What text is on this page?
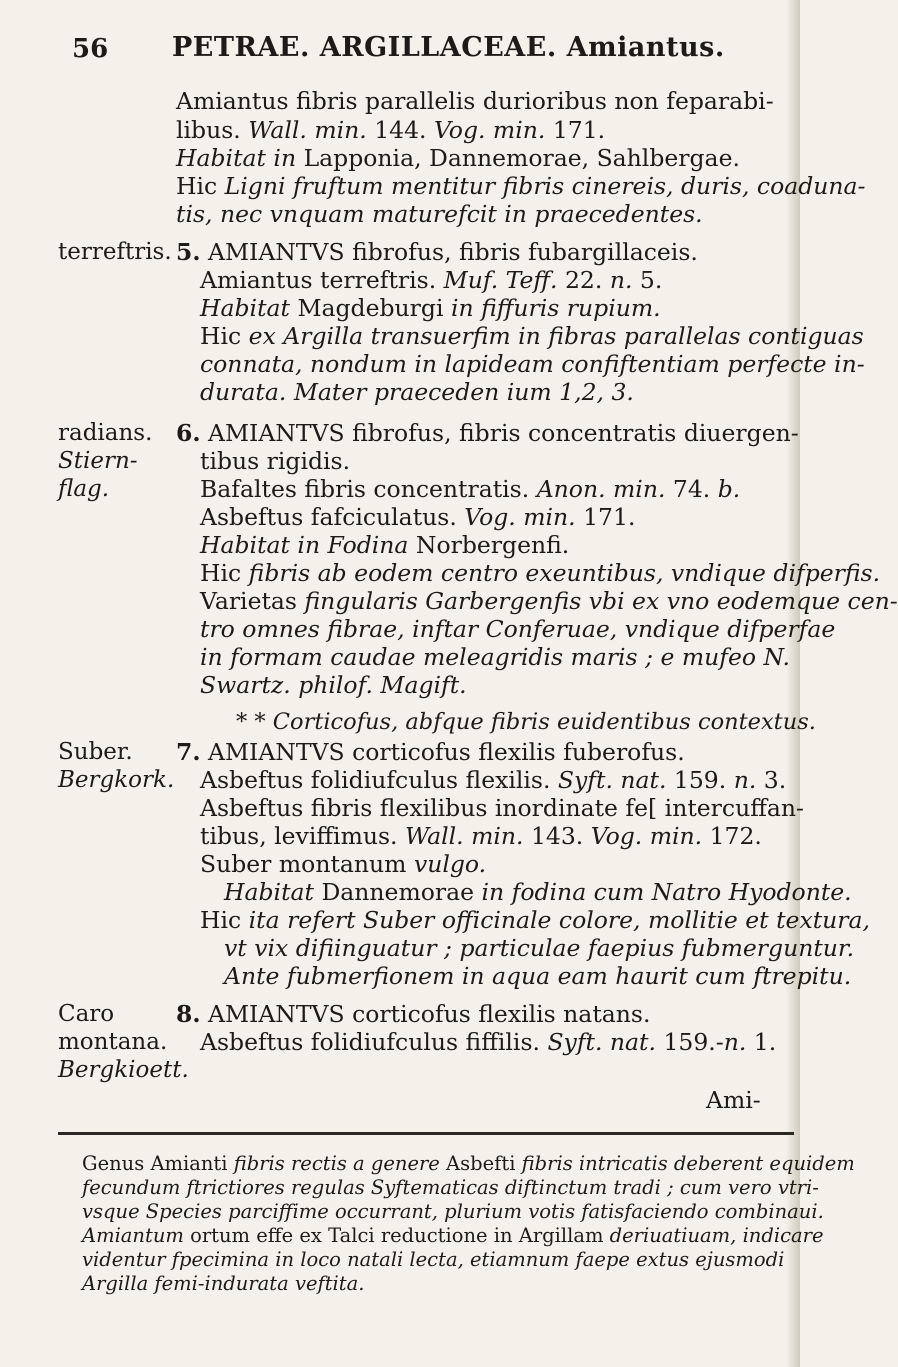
56 PETRAE. ARGILLACEAE. Amiantus.
Amiantus fibris parallelis durioribus non feparabi-
libus. Wall. min. 144. Vog. min. 171.
Habitat in Lapponia, Dannemorae, Sahlbergae.
Hic Ligni fruftum mentitur fibris cinereis, duris, coaduna-
tis, nec vnquam maturefcit in praecedentes.
terreftris. 5. AMIANTVS fibrofus, fibris fubargillaceis.
Amiantus terreftris. Muf. Teff. 22. n. 5.
Habitat Magdeburgi in fiffuris rupium.
Hic ex Argilla transuerfim in fibras parallelas contiguas
connata, nondum in lapideam confiftentiam perfecte in-
durata. Mater praeceden ium 1,2, 3.
radians.
Stiern-
flag.
6. AMIANTVS fibrofus, fibris concentratis diuergen-
tibus rigidis.
Bafaltes fibris concentratis. Anon. min. 74. b.
Asbeftus fafciculatus. Vog. min. 171.
Habitat in Fodina Norbergenfi.
Hic fibris ab eodem centro exeuntibus, vndique difperfis.
Varietas fingularis Garbergenfis vbi ex vno eodemque cen-
tro omnes fibrae, inftar Conferuae, vndique difperfae
in formam caudae meleagridis maris ; e mufeo N.
Swartz. philof. Magift.
* * Corticofus, abfque fibris euidentibus contextus.
Suber.
Bergkork.
7. AMIANTVS corticofus flexilis fuberofus.
Asbeftus folidiufculus flexilis. Syft. nat. 159. n. 3.
Asbeftus fibris flexilibus inordinate fe[ intercuffan-
tibus, leviffimus. Wall. min. 143. Vog. min. 172.
Suber montanum vulgo.
Habitat Dannemorae in fodina cum Natro Hyodonte.
Hic ita refert Suber officinale colore, mollitie et textura,
vt vix difiinguatur ; particulae faepius fubmerguntur.
Ante fubmerfionem in aqua eam haurit cum ftrepitu.
Caro
montana.
Bergkioett.
8. AMIANTVS corticofus flexilis natans.
Asbeftus folidiufculus fiffilis. Syft. nat. 159.-n. 1.
Ami-
Genus Amianti fibris rectis a genere Asbefti fibris intricatis deberent equidem
fecundum ftrictiores regulas Syftematicas diftinctum tradi ; cum vero vtri-
vsque Species parciffime occurrant, plurium votis fatisfaciendo combinaui.
Amiantum ortum effe ex Talci reductione in Argillam deriuatiuam, indicare
videntur fpecimina in loco natali lecta, etiamnum faepe extus ejusmodi
Argilla femi-indurata veftita.
